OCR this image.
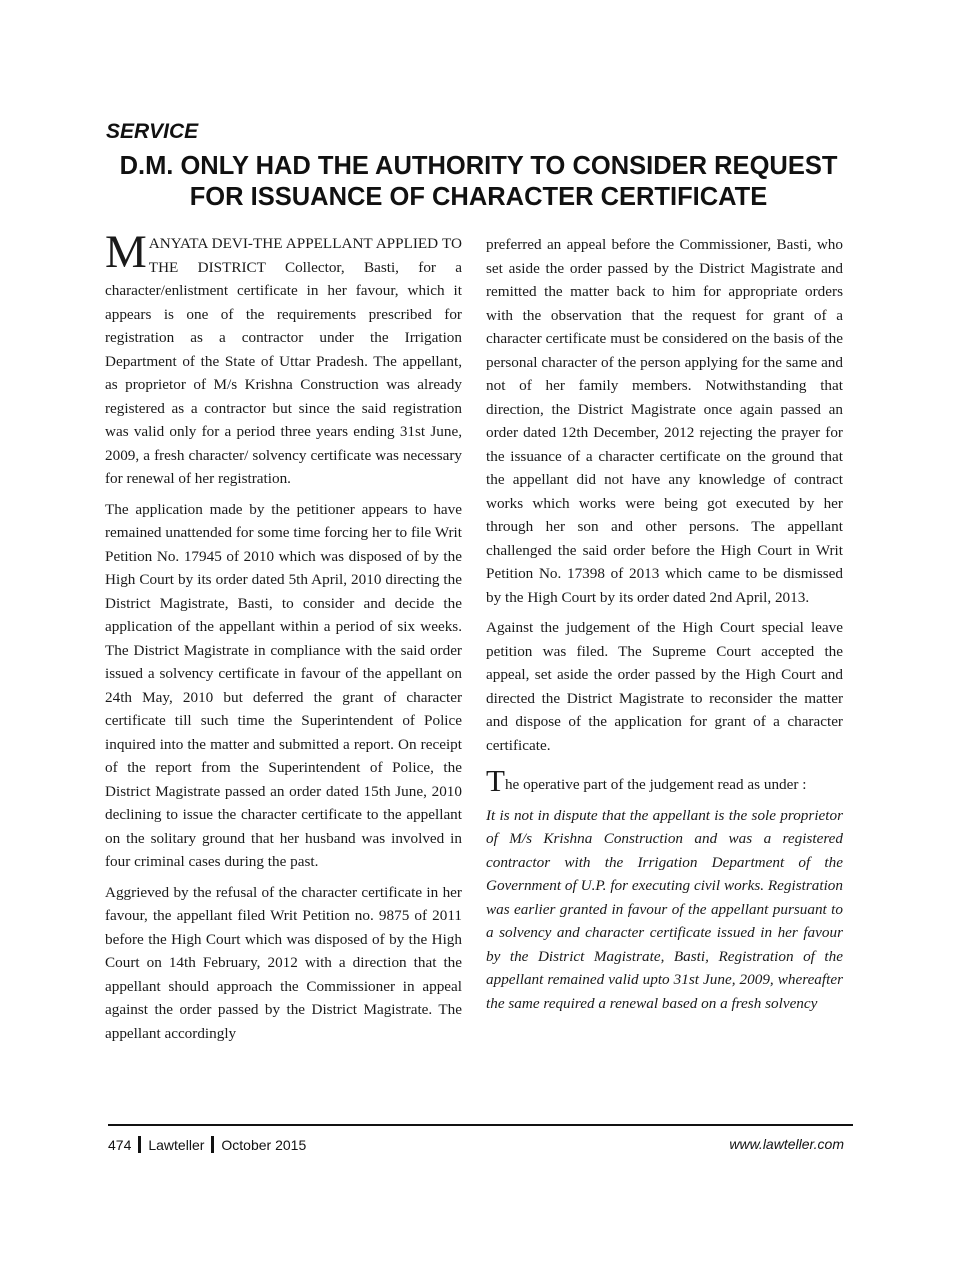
SERVICE
D.M. ONLY HAD THE AUTHORITY TO CONSIDER REQUEST FOR ISSUANCE OF CHARACTER CERTIFICATE

MANYATA DEVI-THE APPELLANT APPLIED TO THE DISTRICT Collector, Basti, for a character/enlistment certificate in her favour, which it appears is one of the requirements prescribed for registration as a contractor under the Irrigation Department of the State of Uttar Pradesh. The appellant, as proprietor of M/s Krishna Construction was already registered as a contractor but since the said registration was valid only for a period three years ending 31st June, 2009, a fresh character/ solvency certificate was necessary for renewal of her registration.

The application made by the petitioner appears to have remained unattended for some time forcing her to file Writ Petition No. 17945 of 2010 which was disposed of by the High Court by its order dated 5th April, 2010 directing the District Magistrate, Basti, to consider and decide the application of the appellant within a period of six weeks. The District Magistrate in compliance with the said order issued a solvency certificate in favour of the appellant on 24th May, 2010 but deferred the grant of character certificate till such time the Superintendent of Police inquired into the matter and submitted a report. On receipt of the report from the Superintendent of Police, the District Magistrate passed an order dated 15th June, 2010 declining to issue the character certificate to the appellant on the solitary ground that her husband was involved in four criminal cases during the past.

Aggrieved by the refusal of the character certificate in her favour, the appellant filed Writ Petition no. 9875 of 2011 before the High Court which was disposed of by the High Court on 14th February, 2012 with a direction that the appellant should approach the Commissioner in appeal against the order passed by the District Magistrate. The appellant accordingly

preferred an appeal before the Commissioner, Basti, who set aside the order passed by the District Magistrate and remitted the matter back to him for appropriate orders with the observation that the request for grant of a character certificate must be considered on the basis of the personal character of the person applying for the same and not of her family members. Notwithstanding that direction, the District Magistrate once again passed an order dated 12th December, 2012 rejecting the prayer for the issuance of a character certificate on the ground that the appellant did not have any knowledge of contract works which works were being got executed by her through her son and other persons. The appellant challenged the said order before the High Court in Writ Petition No. 17398 of 2013 which came to be dismissed by the High Court by its order dated 2nd April, 2013.

Against the judgement of the High Court special leave petition was filed. The Supreme Court accepted the appeal, set aside the order passed by the High Court and directed the District Magistrate to reconsider the matter and dispose of the application for grant of a character certificate.

The operative part of the judgement read as under :

It is not in dispute that the appellant is the sole proprietor of M/s Krishna Construction and was a registered contractor with the Irrigation Department of the Government of U.P. for executing civil works. Registration was earlier granted in favour of the appellant pursuant to a solvency and character certificate issued in her favour by the District Magistrate, Basti, Registration of the appellant remained valid upto 31st June, 2009, whereafter the same required a renewal based on a fresh solvency

474 Lawteller October 2015	www.lawteller.com
